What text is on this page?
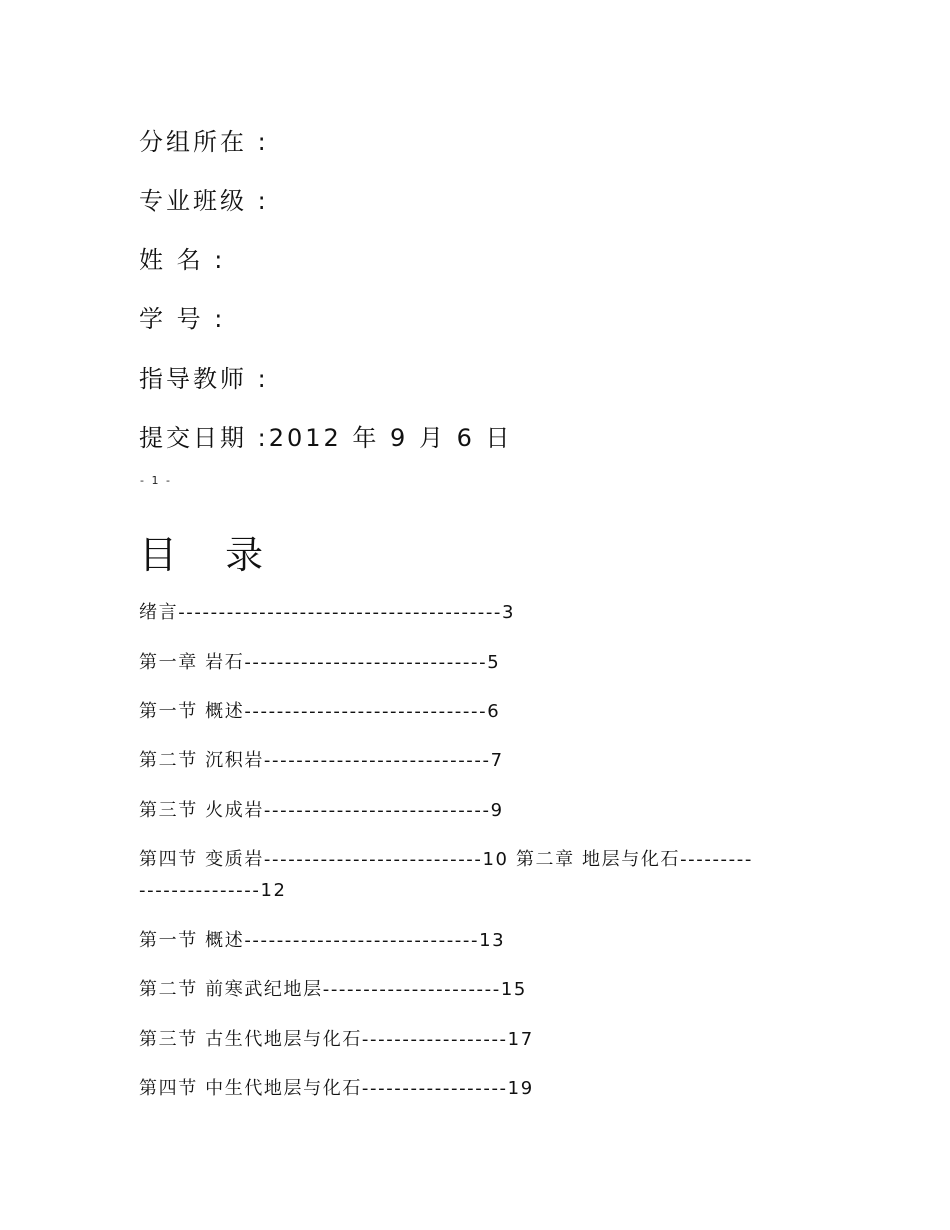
分组所在 :
专业班级 :
姓 名 :
学 号 :
指导教师 :
提交日期 :2012 年 9 月 6 日
- 1 -
目 录
绪言----------------------------------------3
第一章 岩石------------------------------5
第一节 概述------------------------------6
第二节 沉积岩----------------------------7
第三节 火成岩----------------------------9
第四节 变质岩---------------------------10 第二章 地层与化石------------------------12
第一节 概述-----------------------------13
第二节 前寒武纪地层----------------------15
第三节 古生代地层与化石------------------17
第四节 中生代地层与化石------------------19
